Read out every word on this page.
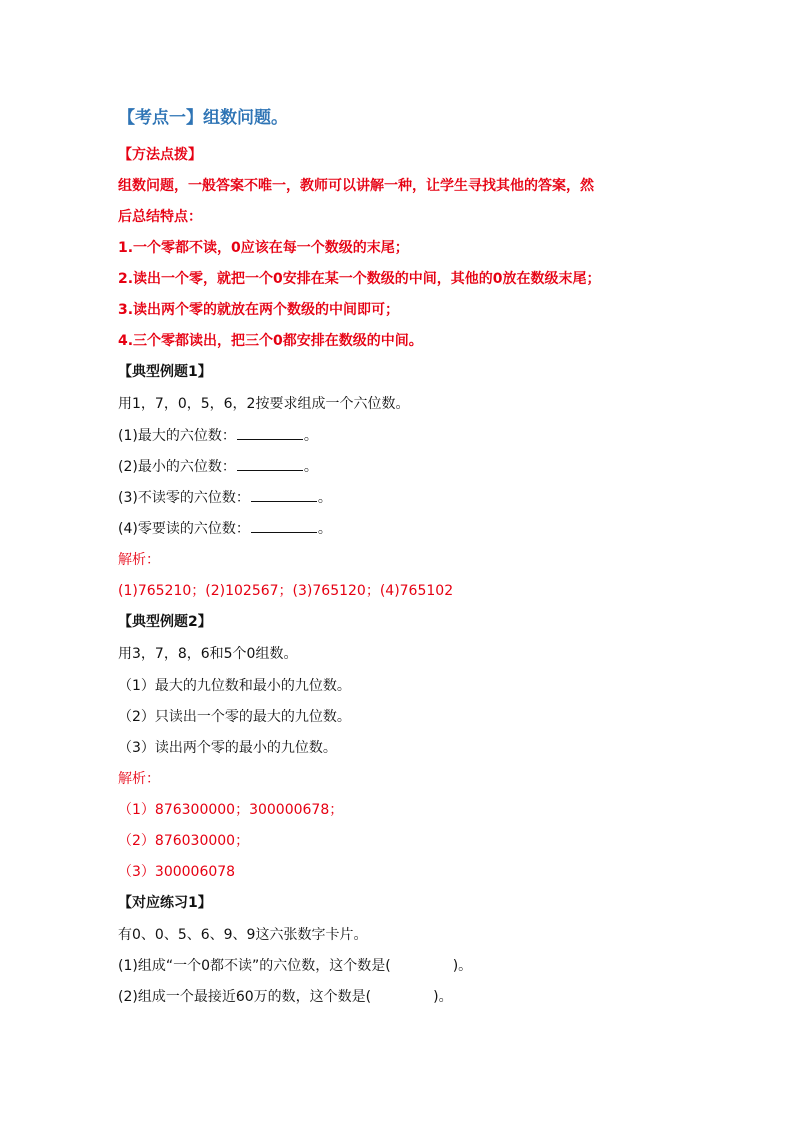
【考点一】组数问题。
【方法点拨】
组数问题，一般答案不唯一，教师可以讲解一种，让学生寻找其他的答案，然
后总结特点：
1.一个零都不读，0应该在每一个数级的末尾；
2.读出一个零，就把一个0安排在某一个数级的中间，其他的0放在数级末尾；
3.读出两个零的就放在两个数级的中间即可；
4.三个零都读出，把三个0都安排在数级的中间。
【典型例题1】
用1，7，0，5，6，2按要求组成一个六位数。
(1)最大的六位数：	。
(2)最小的六位数：	。
(3)不读零的六位数：	。
(4)零要读的六位数：	。
解析：
(1)765210；(2)102567；(3)765120；(4)765102
【典型例题2】
用3，7，8，6和5个0组数。
（1）最大的九位数和最小的九位数。
（2）只读出一个零的最大的九位数。
（3）读出两个零的最小的九位数。
解析：
（1）876300000；300000678；
（2）876030000；
（3）300006078
【对应练习1】
有0、0、5、6、9、9这六张数字卡片。
(1)组成“一个0都不读”的六位数，这个数是(	)。
(2)组成一个最接近60万的数，这个数是(	)。
